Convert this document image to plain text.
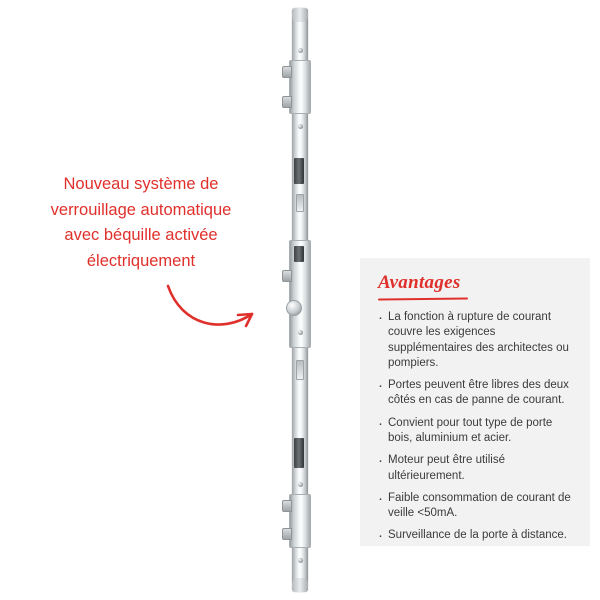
Nouveau système de
verrouillage automatique
avec béquille activée
électriquement
Avantages
· La fonction à rupture de courant couvre les exigences supplémentaires des architectes ou pompiers.
· Portes peuvent être libres des deux côtés en cas de panne de courant.
· Convient pour tout type de porte bois, aluminium et acier.
· Moteur peut être utilisé ultérieurement.
· Faible consommation de courant de veille <50mA.
· Surveillance de la porte à distance.
